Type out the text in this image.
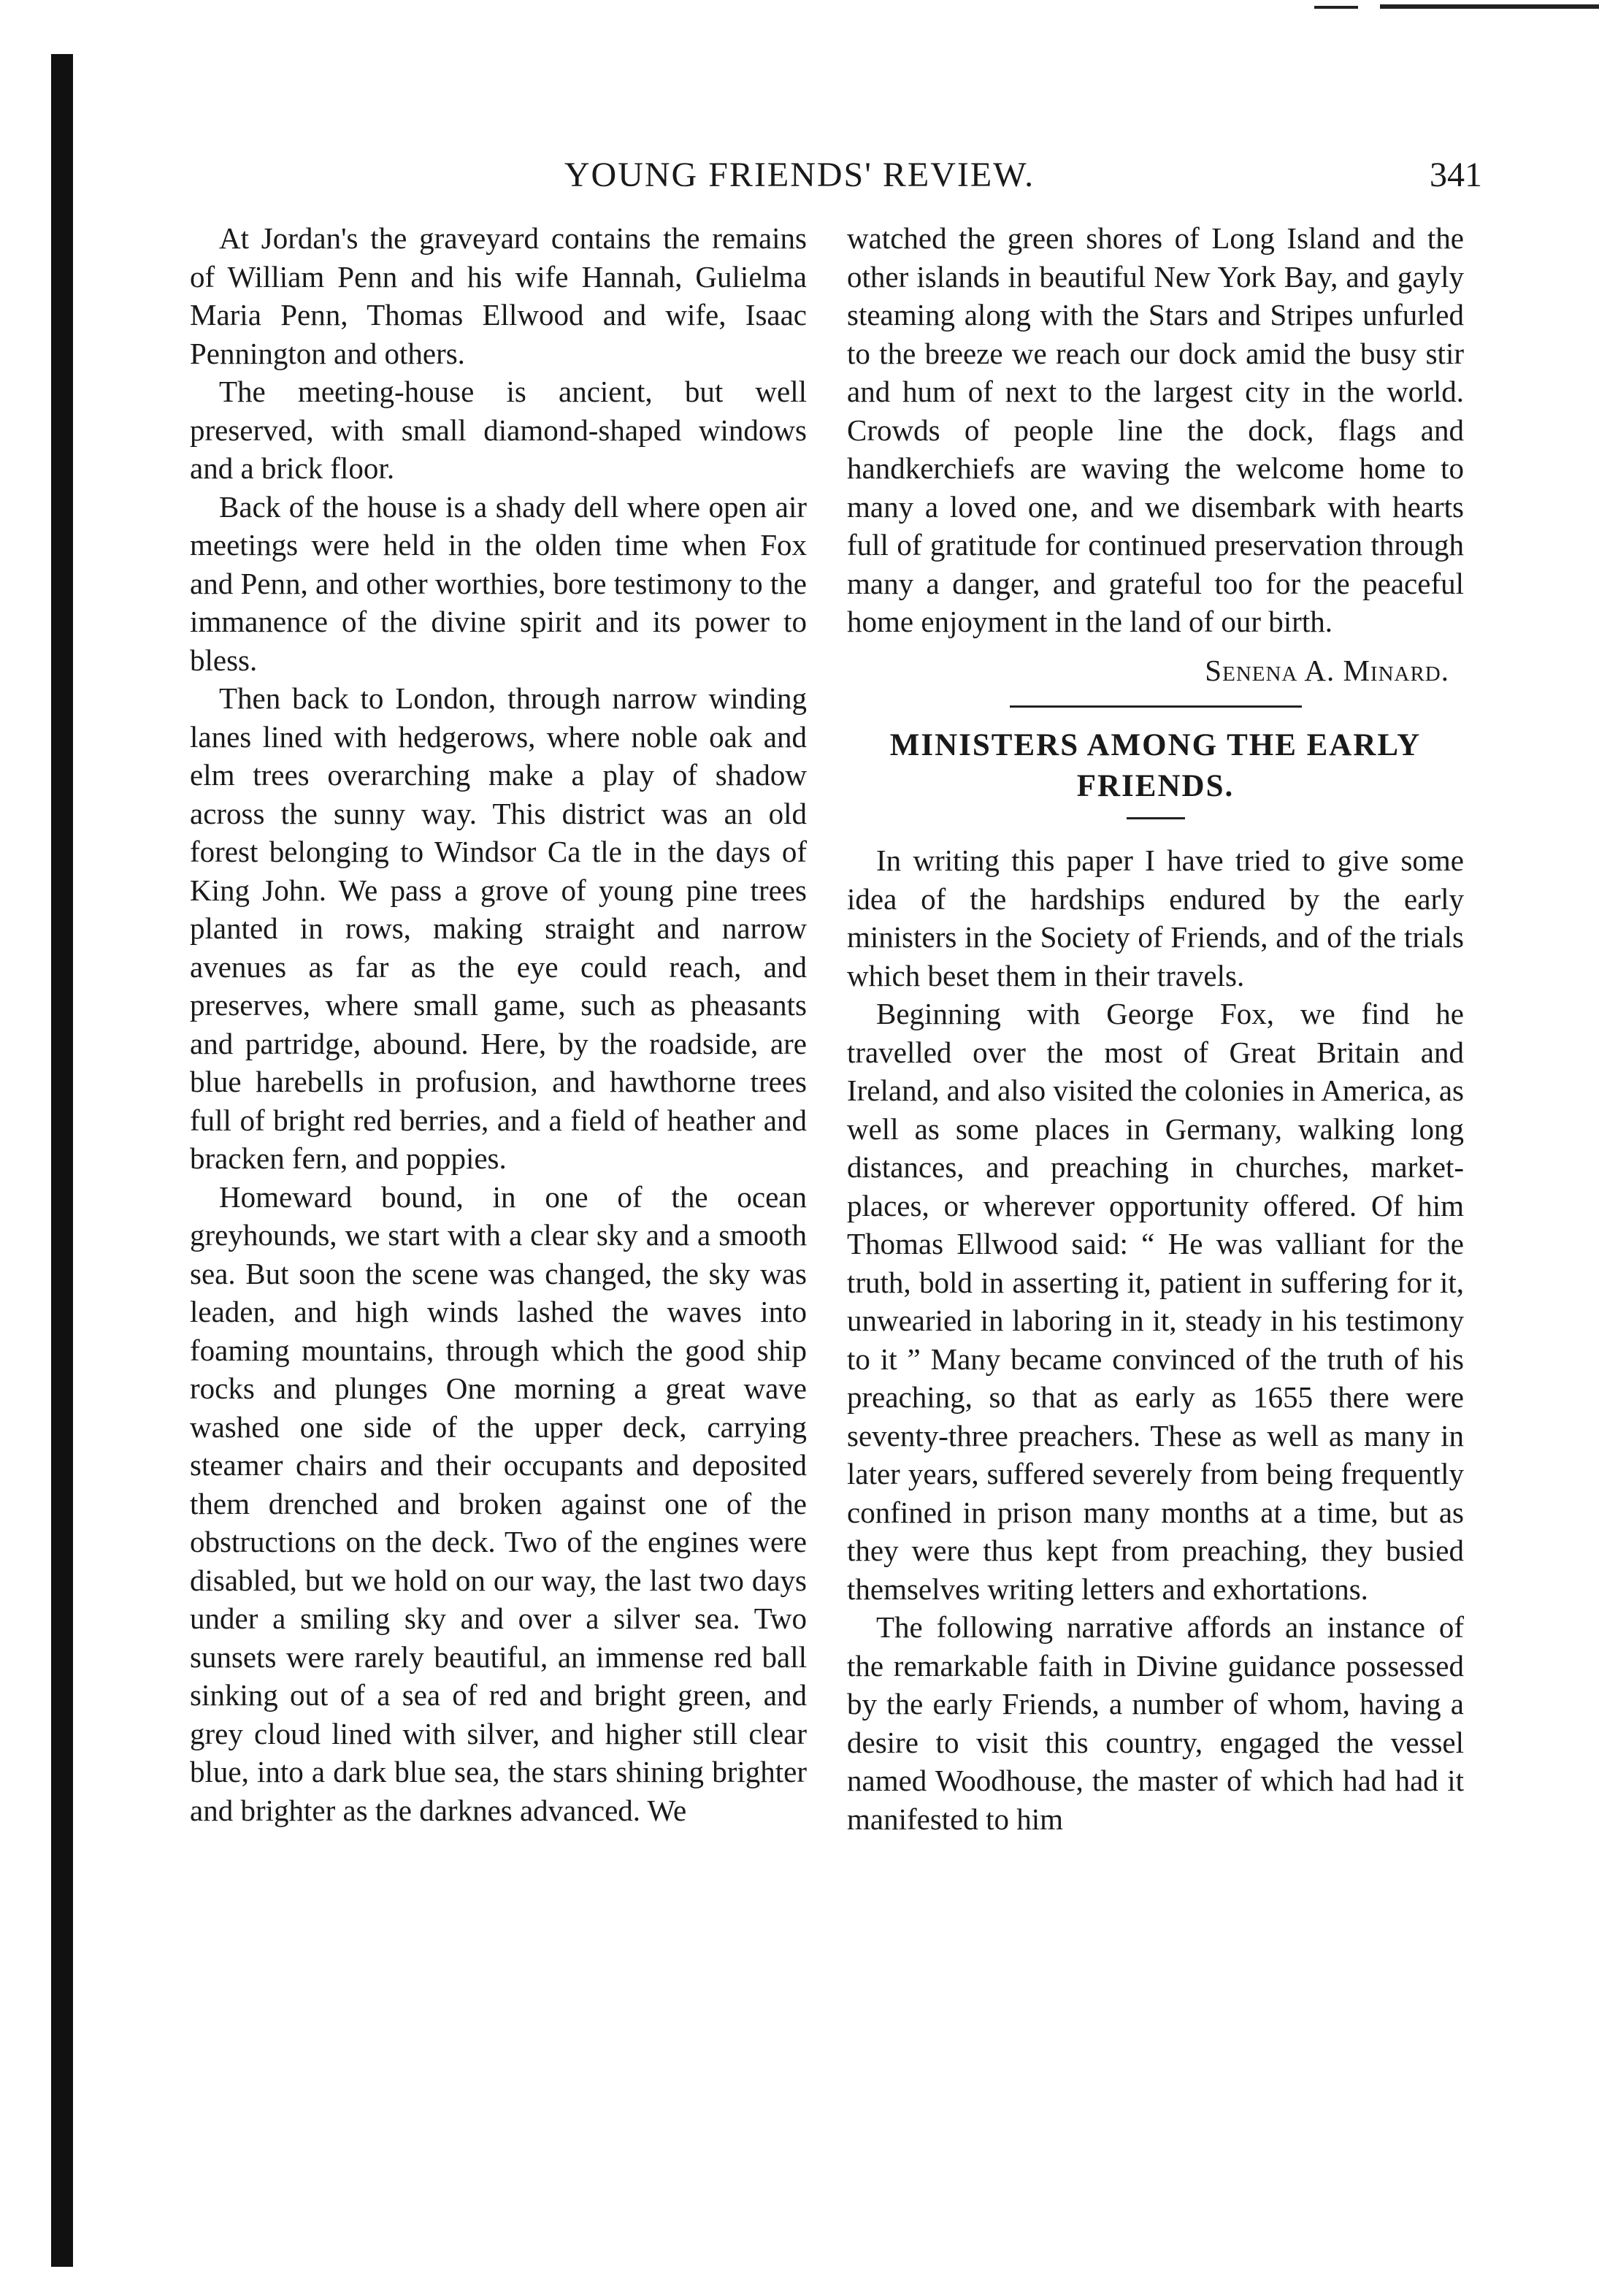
YOUNG FRIENDS' REVIEW.	341

At Jordan's the graveyard contains the remains of William Penn and his wife Hannah, Gulielma Maria Penn, Thomas Ellwood and wife, Isaac Pennington and others.

The meeting-house is ancient, but well preserved, with small diamond-shaped windows and a brick floor.

Back of the house is a shady dell where open air meetings were held in the olden time when Fox and Penn, and other worthies, bore testimony to the immanence of the divine spirit and its power to bless.

Then back to London, through narrow winding lanes lined with hedgerows, where noble oak and elm trees overarching make a play of shadow across the sunny way. This district was an old forest belonging to Windsor Ca tle in the days of King John. We pass a grove of young pine trees planted in rows, making straight and narrow avenues as far as the eye could reach, and preserves, where small game, such as pheasants and partridge, abound. Here, by the roadside, are blue harebells in profusion, and hawthorne trees full of bright red berries, and a field of heather and bracken fern, and poppies.

Homeward bound, in one of the ocean greyhounds, we start with a clear sky and a smooth sea. But soon the scene was changed, the sky was leaden, and high winds lashed the waves into foaming mountains, through which the good ship rocks and plunges One morning a great wave washed one side of the upper deck, carrying steamer chairs and their occupants and deposited them drenched and broken against one of the obstructions on the deck. Two of the engines were disabled, but we hold on our way, the last two days under a smiling sky and over a silver sea. Two sunsets were rarely beautiful, an immense red ball sinking out of a sea of red and bright green, and grey cloud lined with silver, and higher still clear blue, into a dark blue sea, the stars shining brighter and brighter as the darknes advanced. We

watched the green shores of Long Island and the other islands in beautiful New York Bay, and gayly steaming along with the Stars and Stripes unfurled to the breeze we reach our dock amid the busy stir and hum of next to the largest city in the world. Crowds of people line the dock, flags and handkerchiefs are waving the welcome home to many a loved one, and we disembark with hearts full of gratitude for continued preservation through many a danger, and grateful too for the peaceful home enjoyment in the land of our birth.

Senena A. Minard.

MINISTERS AMONG THE EARLY FRIENDS.

In writing this paper I have tried to give some idea of the hardships endured by the early ministers in the Society of Friends, and of the trials which beset them in their travels.

Beginning with George Fox, we find he travelled over the most of Great Britain and Ireland, and also visited the colonies in America, as well as some places in Germany, walking long distances, and preaching in churches, market-places, or wherever opportunity offered. Of him Thomas Ellwood said: “ He was valliant for the truth, bold in asserting it, patient in suffering for it, unwearied in laboring in it, steady in his testimony to it ” Many became convinced of the truth of his preaching, so that as early as 1655 there were seventy-three preachers. These as well as many in later years, suffered severely from being frequently confined in prison many months at a time, but as they were thus kept from preaching, they busied themselves writing letters and exhortations.

The following narrative affords an instance of the remarkable faith in Divine guidance possessed by the early Friends, a number of whom, having a desire to visit this country, engaged the vessel named Woodhouse, the master of which had had it manifested to him
